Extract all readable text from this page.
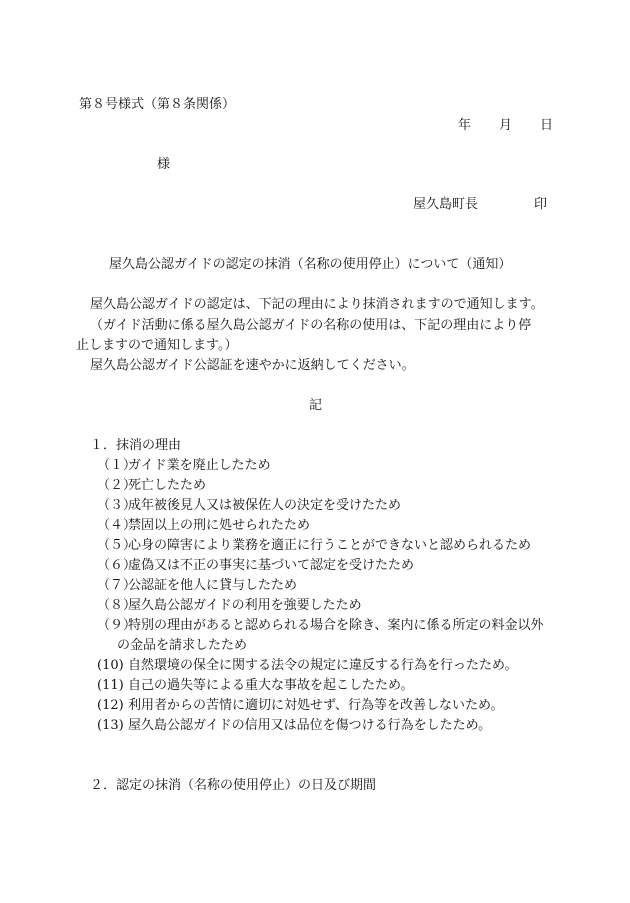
第８号様式（第８条関係）
年 月 日
様
屋久島町長	印
屋久島公認ガイドの認定の抹消（名称の使用停止）について（通知）
屋久島公認ガイドの認定は、下記の理由により抹消されますので通知します。
（ガイド活動に係る屋久島公認ガイドの名称の使用は、下記の理由により停
止しますので通知します。）
屋久島公認ガイド公認証を速やかに返納してください。
記
１．抹消の理由
（１）ガイド業を廃止したため
（２）死亡したため
（３）成年被後見人又は被保佐人の決定を受けたため
（４）禁固以上の刑に処せられたため
（５）心身の障害により業務を適正に行うことができないと認められるため
（６）虚偽又は不正の事実に基づいて認定を受けたため
（７）公認証を他人に貸与したため
（８）屋久島公認ガイドの利用を強要したため
（９）特別の理由があると認められる場合を除き、案内に係る所定の料金以外
の金品を請求したため
(10) 自然環境の保全に関する法令の規定に違反する行為を行ったため。
(11) 自己の過失等による重大な事故を起こしたため。
(12) 利用者からの苦情に適切に対処せず、行為等を改善しないため。
(13) 屋久島公認ガイドの信用又は品位を傷つける行為をしたため。
２．認定の抹消（名称の使用停止）の日及び期間
